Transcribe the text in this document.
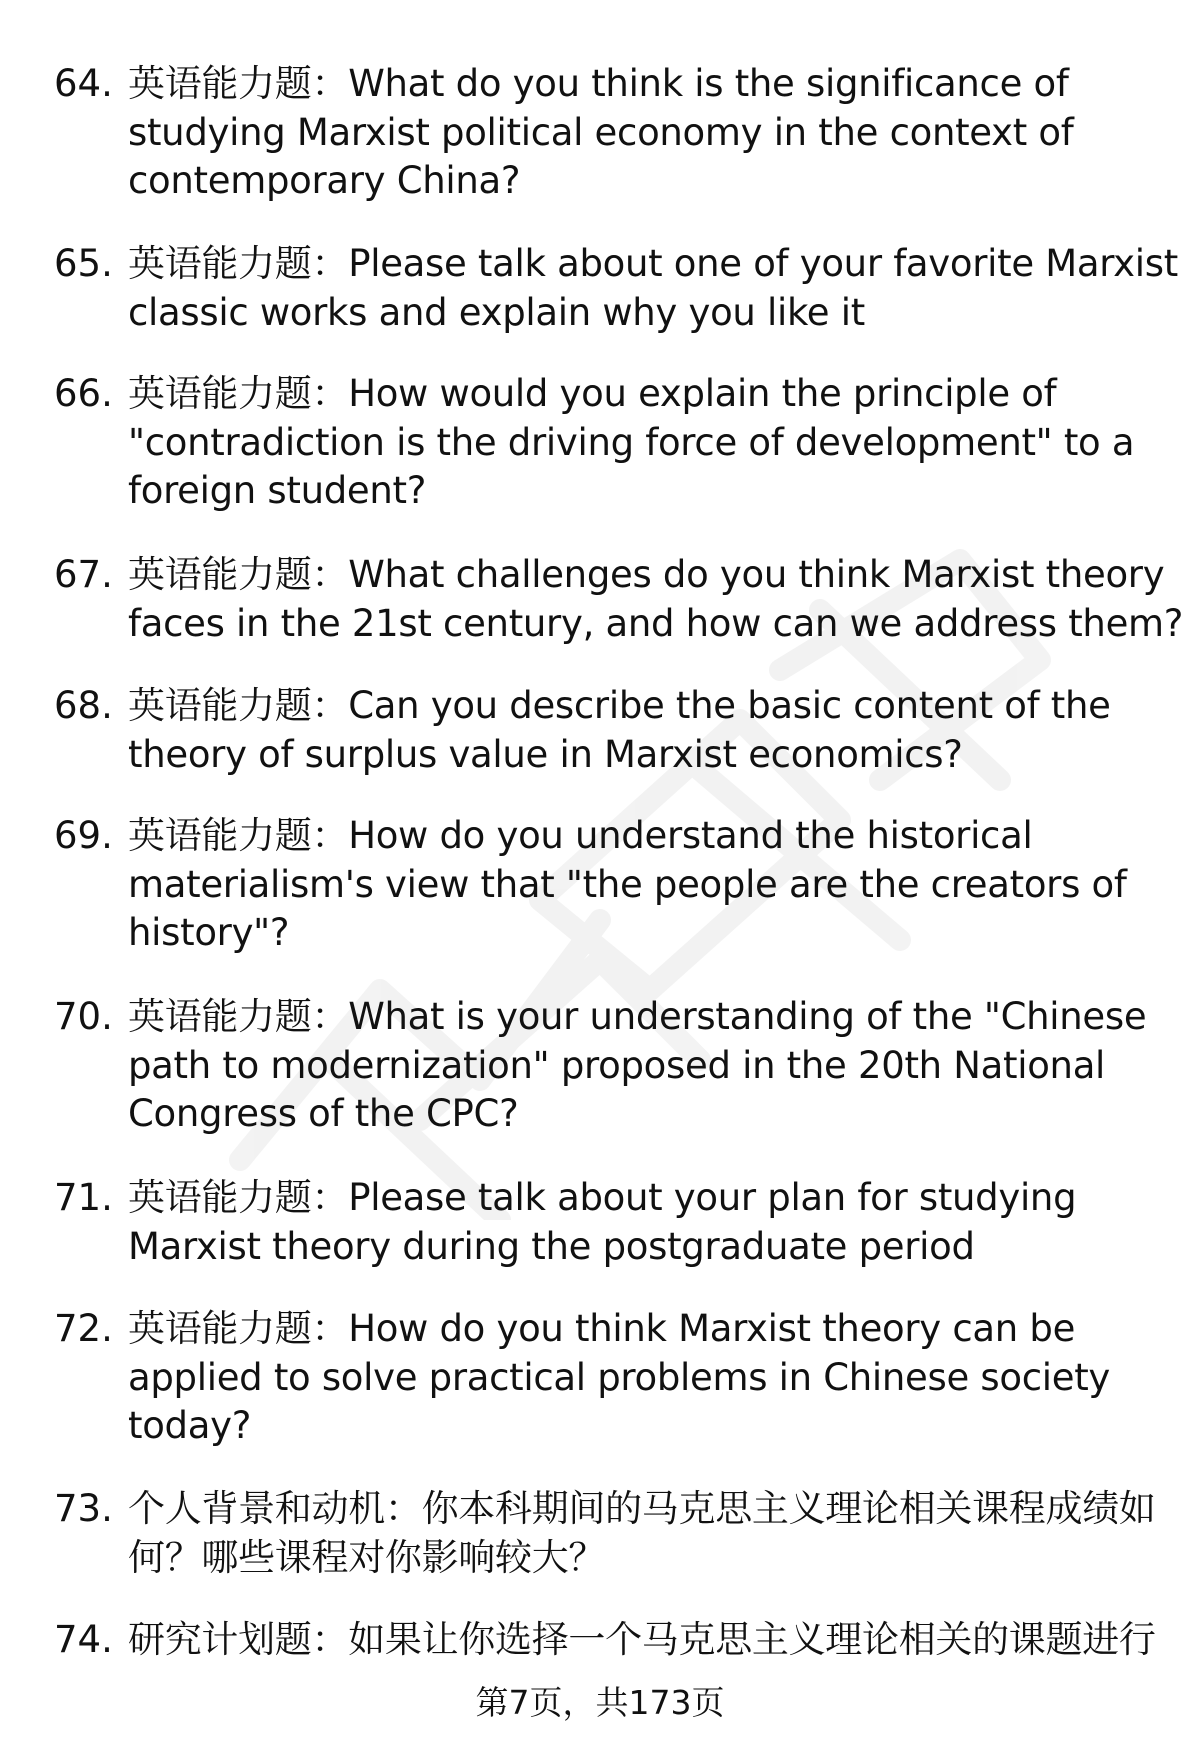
64. 英语能力题：What do you think is the significance of studying Marxist political economy in the context of contemporary China?
65. 英语能力题：Please talk about one of your favorite Marxist classic works and explain why you like it
66. 英语能力题：How would you explain the principle of "contradiction is the driving force of development" to a foreign student?
67. 英语能力题：What challenges do you think Marxist theory faces in the 21st century, and how can we address them?
68. 英语能力题：Can you describe the basic content of the theory of surplus value in Marxist economics?
69. 英语能力题：How do you understand the historical materialism's view that "the people are the creators of history"?
70. 英语能力题：What is your understanding of the "Chinese path to modernization" proposed in the 20th National Congress of the CPC?
71. 英语能力题：Please talk about your plan for studying Marxist theory during the postgraduate period
72. 英语能力题：How do you think Marxist theory can be applied to solve practical problems in Chinese society today?
73. 个人背景和动机：你本科期间的马克思主义理论相关课程成绩如何？哪些课程对你影响较大？
74. 研究计划题：如果让你选择一个马克思主义理论相关的课题进行
第7页，共173页
